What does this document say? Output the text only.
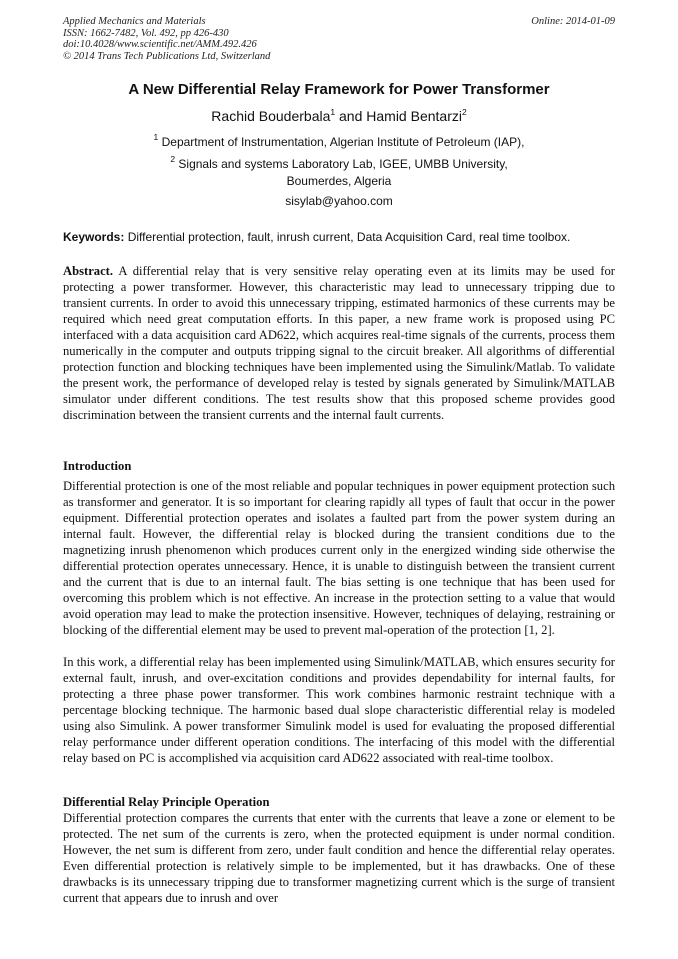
Applied Mechanics and Materials
ISSN: 1662-7482, Vol. 492, pp 426-430
doi:10.4028/www.scientific.net/AMM.492.426
© 2014 Trans Tech Publications Ltd, Switzerland
Online: 2014-01-09
A New Differential Relay Framework for Power Transformer
Rachid Bouderbala$^1$ and Hamid Bentarzi$^2$
$^1$ Department of Instrumentation, Algerian Institute of Petroleum (IAP),
$^2$ Signals and systems Laboratory Lab, IGEE, UMBB University,
Boumerdes, Algeria
sisylab@yahoo.com
Keywords: Differential protection, fault, inrush current, Data Acquisition Card, real time toolbox.

Abstract. A differential relay that is very sensitive relay operating even at its limits may be used for protecting a power transformer. However, this characteristic may lead to unnecessary tripping due to transient currents. In order to avoid this unnecessary tripping, estimated harmonics of these currents may be required which need great computation efforts. In this paper, a new frame work is proposed using PC interfaced with a data acquisition card AD622, which acquires real-time signals of the currents, process them numerically in the computer and outputs tripping signal to the circuit breaker. All algorithms of differential protection function and blocking techniques have been implemented using the Simulink/Matlab. To validate the present work, the performance of developed relay is tested by signals generated by Simulink/MATLAB simulator under different conditions. The test results show that this proposed scheme provides good discrimination between the transient currents and the internal fault currents.

Introduction

Differential protection is one of the most reliable and popular techniques in power equipment protection such as transformer and generator. It is so important for clearing rapidly all types of fault that occur in the power equipment. Differential protection operates and isolates a faulted part from the power system during an internal fault. However, the differential relay is blocked during the transient conditions due to the magnetizing inrush phenomenon which produces current only in the energized winding side otherwise the differential protection operates unnecessary. Hence, it is unable to distinguish between the transient current and the current that is due to an internal fault. The bias setting is one technique that has been used for overcoming this problem which is not effective. An increase in the protection setting to a value that would avoid operation may lead to make the protection insensitive. However, techniques of delaying, restraining or blocking of the differential element may be used to prevent mal-operation of the protection [1, 2].

In this work, a differential relay has been implemented using Simulink/MATLAB, which ensures security for external fault, inrush, and over-excitation conditions and provides dependability for internal faults, for protecting a three phase power transformer. This work combines harmonic restraint technique with a percentage blocking technique. The harmonic based dual slope characteristic differential relay is modeled using also Simulink. A power transformer Simulink model is used for evaluating the proposed differential relay performance under different operation conditions. The interfacing of this model with the differential relay based on PC is accomplished via acquisition card AD622 associated with real-time toolbox.

Differential Relay Principle Operation

Differential protection compares the currents that enter with the currents that leave a zone or element to be protected. The net sum of the currents is zero, when the protected equipment is under normal condition. However, the net sum is different from zero, under fault condition and hence the differential relay operates. Even differential protection is relatively simple to be implemented, but it has drawbacks. One of these drawbacks is its unnecessary tripping due to transformer magnetizing current which is the surge of transient current that appears due to inrush and over
